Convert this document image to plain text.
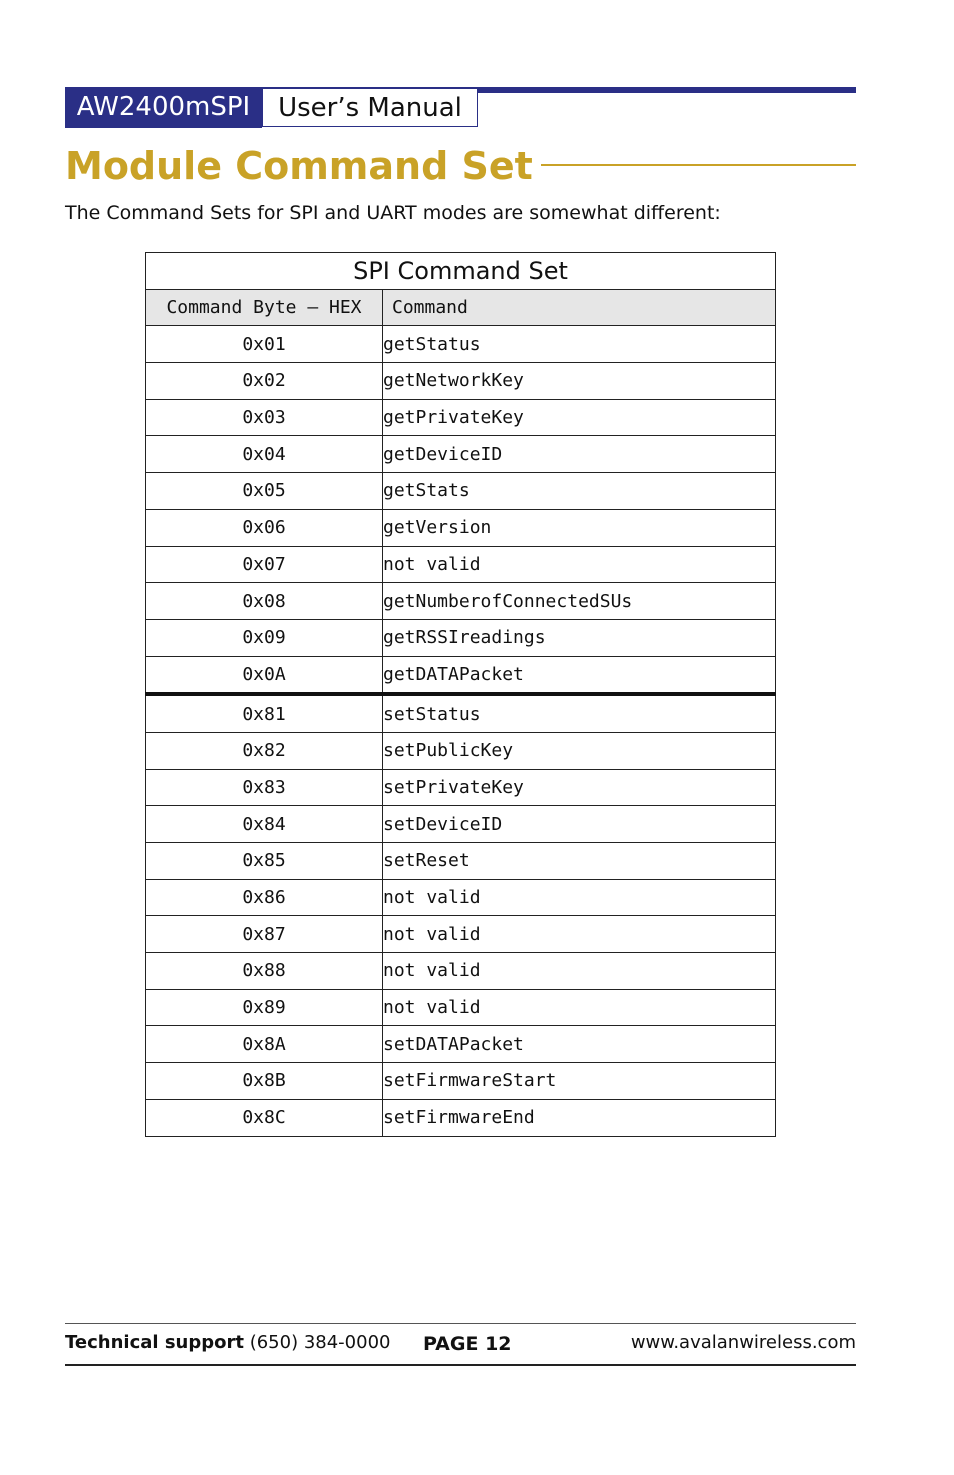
AW2400mSPI	User’s Manual
Module Command Set

The Command Sets for SPI and UART modes are somewhat different:

SPI Command Set	
Command Byte – HEX	Command
0x01	getStatus
0x02	getNetworkKey
0x03	getPrivateKey
0x04	getDeviceID
0x05	getStats
0x06	getVersion
0x07	not valid
0x08	getNumberofConnectedSUs
0x09	getRSSIreadings
0x0A	getDATAPacket
0x81	setStatus
0x82	setPublicKey
0x83	setPrivateKey
0x84	setDeviceID
0x85	setReset
0x86	not valid
0x87	not valid
0x88	not valid
0x89	not valid
0x8A	setDATAPacket
0x8B	setFirmwareStart
0x8C	setFirmwareEnd
Technical support (650) 384-0000 PAGE 12	www.avalanwireless.com
